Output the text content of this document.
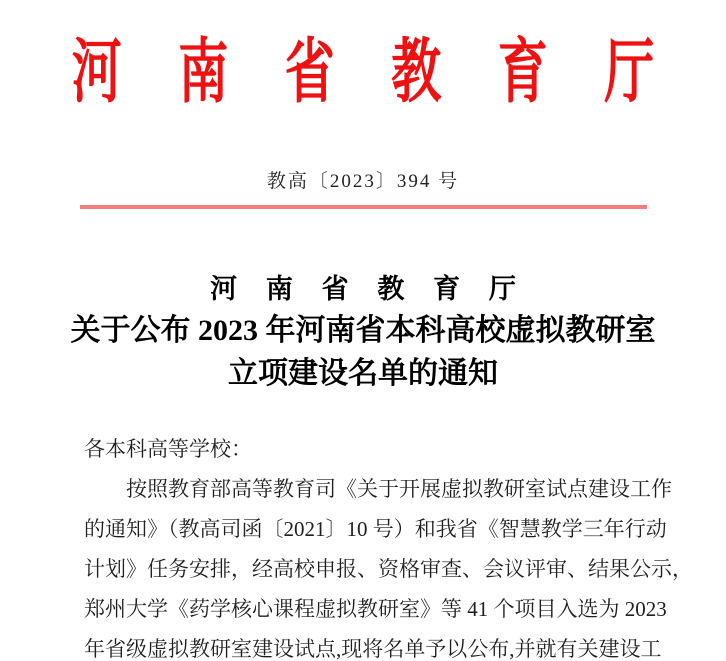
河 南 省 教 育 厅
教高〔2023〕394 号
河 南 省 教 育 厅
关于公布 2023 年河南省本科高校虚拟教研室
立项建设名单的通知
各本科高等学校：
按照教育部高等教育司《关于开展虚拟教研室试点建设工作
的通知》（教高司函〔2021〕10 号）和我省《智慧教学三年行动
计划》任务安排，经高校申报、资格审查、会议评审、结果公示，
郑州大学《药学核心课程虚拟教研室》等 41 个项目入选为 2023
年省级虚拟教研室建设试点,现将名单予以公布,并就有关建设工
